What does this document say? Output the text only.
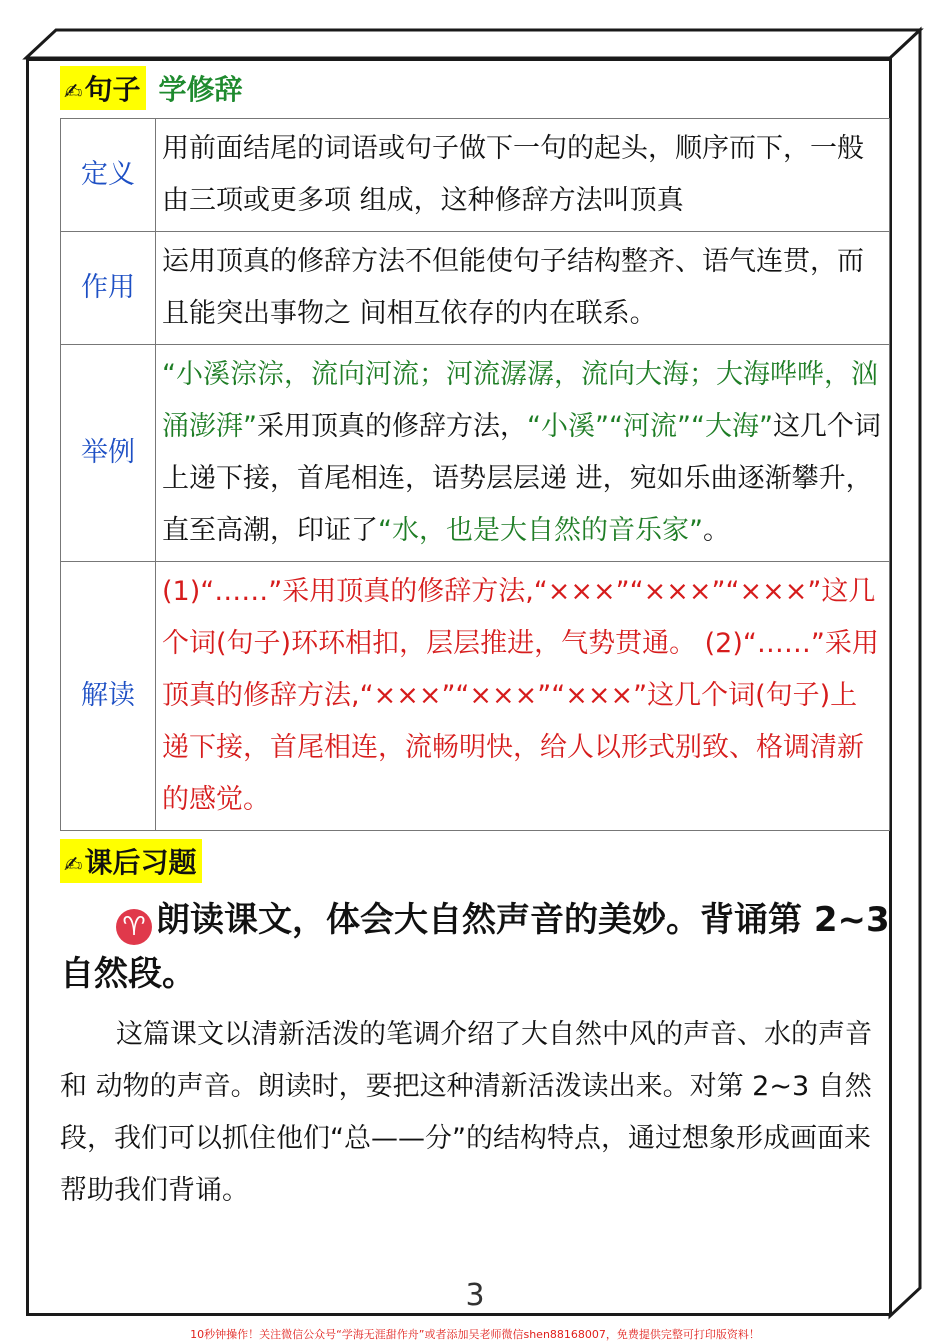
✍句子 学修辞
定义	用前面结尾的词语或句子做下一句的起头，顺序而下，一般由三项或更多项 组成，这种修辞方法叫顶真
作用	运用顶真的修辞方法不但能使句子结构整齐、语气连贯，而且能突出事物之 间相互依存的内在联系。
举例	“小溪淙淙，流向河流；河流潺潺，流向大海；大海哗哗，汹涌澎湃”采用顶真的修辞方法，“小溪”“河流”“大海”这几个词上递下接，首尾相连，语势层层递 进，宛如乐曲逐渐攀升，直至高潮，印证了“水，也是大自然的音乐家”。
解读	(1)“……”采用顶真的修辞方法,“×××”“×××”“×××”这几个词(句子)环环相扣，层层推进，气势贯通。 (2)“……”采用顶真的修辞方法,“×××”“×××”“×××”这几个词(句子)上递下接，首尾相连，流畅明快，给人以形式别致、格调清新的感觉。
✍课后习题
♈ 朗读课文，体会大自然声音的美妙。背诵第 2~3 自然段。
这篇课文以清新活泼的笔调介绍了大自然中风的声音、水的声音和 动物的声音。朗读时，要把这种清新活泼读出来。对第 2~3 自然段，我们可以抓住他们“总——分”的结构特点，通过想象形成画面来帮助我们背诵。
3
10秒钟操作！关注微信公众号“学海无涯甜作舟”或者添加吴老师微信shen88168007，免费提供完整可打印版资料！
